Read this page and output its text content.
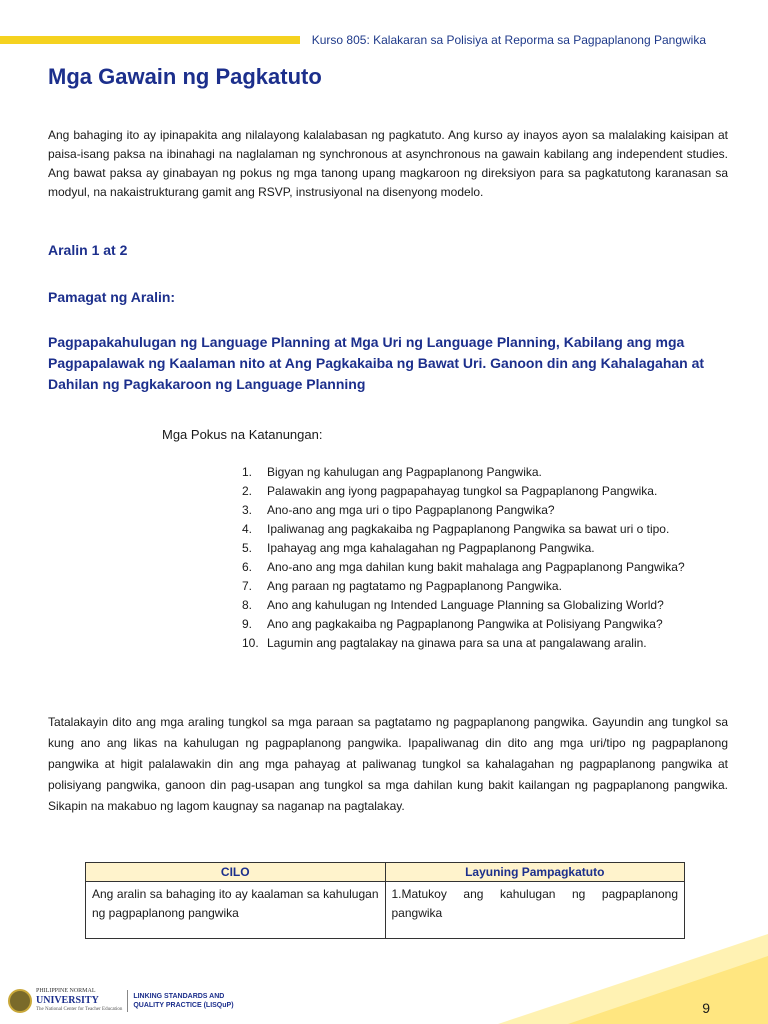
Kurso 805: Kalakaran sa Polisiya at Reporma sa Pagpaplanong Pangwika
Mga Gawain ng Pagkatuto

Ang bahaging ito ay ipinapakita ang nilalayong kalalabasan ng pagkatuto. Ang kurso ay inayos ayon sa malalaking kaisipan at paisa-isang paksa na ibinahagi na naglalaman ng synchronous at asynchronous na gawain kabilang ang independent studies. Ang bawat paksa ay ginabayan ng pokus ng mga tanong upang magkaroon ng direksiyon para sa pagkatutong karanasan sa modyul, na nakaistrukturang gamit ang RSVP, instrusiyonal na disenyong modelo.

Aralin 1 at 2
Pamagat ng Aralin:
Pagpapakahulugan ng Language Planning at Mga Uri ng Language Planning, Kabilang ang mga Pagpapalawak ng Kaalaman nito at Ang Pagkakaiba ng Bawat Uri. Ganoon din ang Kahalagahan at Dahilan ng Pagkakaroon ng Language Planning

Mga Pokus na Katanungan:

1.	Bigyan ng kahulugan ang Pagpaplanong Pangwika.
2.	Palawakin ang iyong pagpapahayag tungkol sa Pagpaplanong Pangwika.
3.	Ano-ano ang mga uri o tipo Pagpaplanong Pangwika?
4.	Ipaliwanag ang pagkakaiba ng Pagpaplanong Pangwika sa bawat uri o tipo.
5.	Ipahayag ang mga kahalagahan ng Pagpaplanong Pangwika.
6.	Ano-ano ang mga dahilan kung bakit mahalaga ang Pagpaplanong Pangwika?
7.	Ang paraan ng pagtatamo ng Pagpaplanong Pangwika.
8.	Ano ang kahulugan ng Intended Language Planning sa Globalizing World?
9.	Ano ang pagkakaiba ng Pagpaplanong Pangwika at Polisiyang Pangwika?
10. Lagumin ang pagtalakay na ginawa para sa una at pangalawang aralin.

Tatalakayin dito ang mga araling tungkol sa mga paraan sa pagtatamo ng pagpaplanong pangwika. Gayundin ang tungkol sa kung ano ang likas na kahulugan ng pagpaplanong pangwika. Ipapaliwanag din dito ang mga uri/tipo ng pagpaplanong pangwika at higit palalawakin din ang mga pahayag at paliwanag tungkol sa kahalagahan ng pagpaplanong pangwika at polisiyang pangwika, ganoon din pag-usapan ang tungkol sa mga dahilan kung bakit kailangan ng pagpaplanong pangwika. Sikapin na makabuo ng lagom kaugnay sa naganap na pagtalakay.

CILO	Layuning Pampagkatuto
Ang aralin sa bahaging ito ay kaalaman sa kahulugan ng pagpaplanong pangwika	1.Matukoy ang kahulugan ng pagpaplanong pangwika
9
PHILIPPINE NORMAL
UNIVERSITY
The National Center for Teacher Education
LINKING STANDARDS AND
QUALITY PRACTICE (LISQuP)
